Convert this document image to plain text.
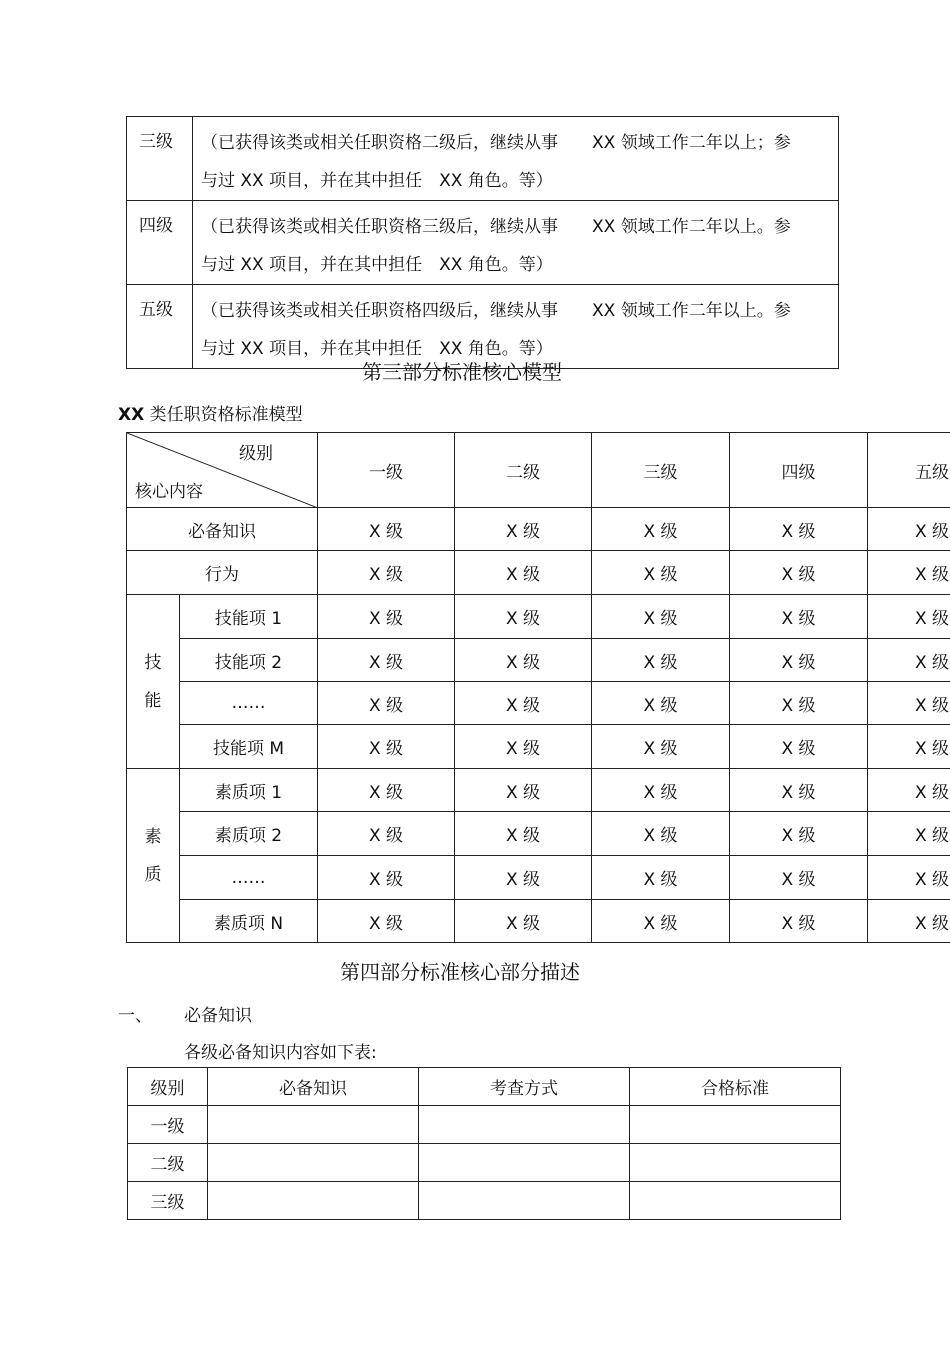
三级	（已获得该类或相关任职资格二级后，继续从事　　XX 领域工作二年以上；参
与过 XX 项目，并在其中担任　XX 角色。等）

四级	（已获得该类或相关任职资格三级后，继续从事　　XX 领域工作二年以上。参
与过 XX 项目，并在其中担任　XX 角色。等）

五级	（已获得该类或相关任职资格四级后，继续从事　　XX 领域工作二年以上。参
与过 XX 项目，并在其中担任　XX 角色。等）
第三部分标准核心模型
XX 类任职资格标准模型
级别
核心内容		一级	二级	三级	四级	五级
必备知识		X 级	X 级	X 级	X 级	X 级
行为		X 级	X 级	X 级	X 级	X 级

技
能	技能项 1	X 级	X 级	X 级	X 级	X 级
	技能项 2	X 级	X 级	X 级	X 级	X 级
	……	X 级	X 级	X 级	X 级	X 级
	技能项 M	X 级	X 级	X 级	X 级	X 级

素
质	素质项 1	X 级	X 级	X 级	X 级	X 级
	素质项 2	X 级	X 级	X 级	X 级	X 级
	……	X 级	X 级	X 级	X 级	X 级
	素质项 N	X 级	X 级	X 级	X 级	X 级
第四部分标准核心部分描述
一、 必备知识
各级必备知识内容如下表:
级别	必备知识	考查方式	合格标准
一级			
二级			
三级			
